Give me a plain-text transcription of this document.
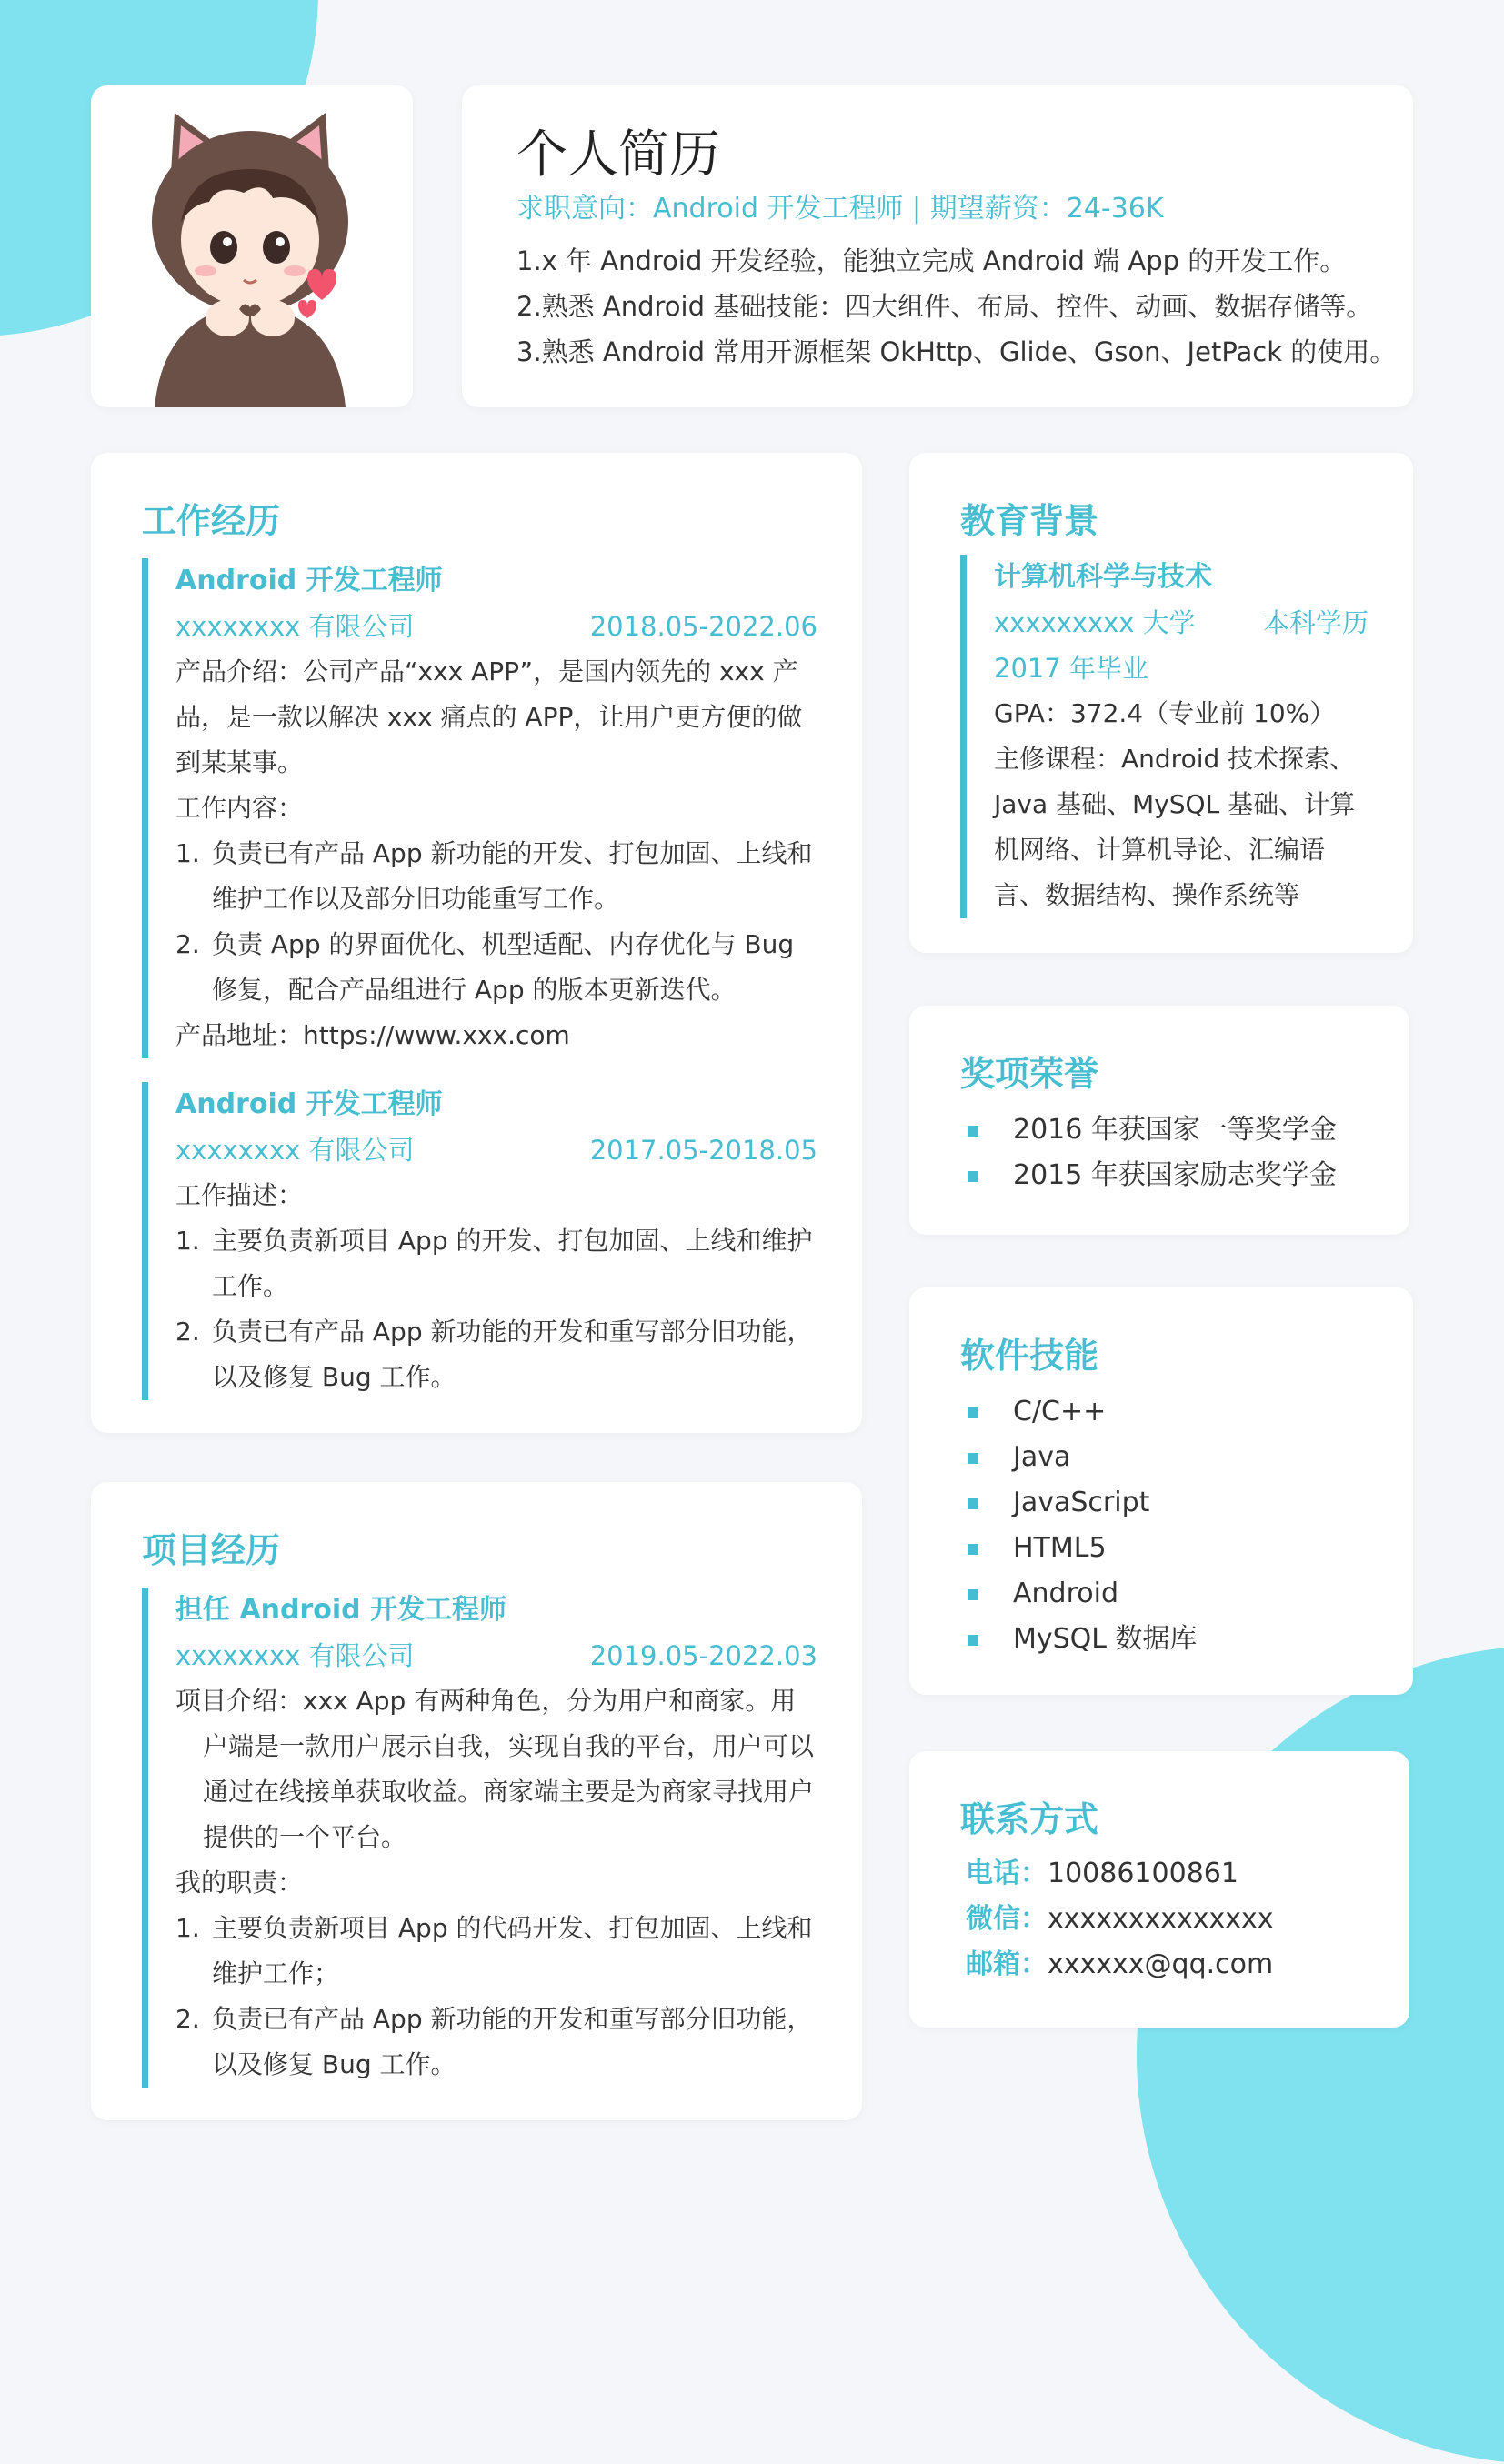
个人简历

求职意向：Android 开发工程师 | 期望薪资：24-36K

1.x 年 Android 开发经验，能独立完成 Android 端 App 的开发工作。
2.熟悉 Android 基础技能：四大组件、布局、控件、动画、数据存储等。
3.熟悉 Android 常用开源框架 OkHttp、Glide、Gson、JetPack 的使用。
工作经历
Android 开发工程师
xxxxxxxx 有限公司	2018.05-2022.06

产品介绍：公司产品“xxx APP”，是国内领先的 xxx 产品，是一款以解决 xxx 痛点的 APP，让用户更方便的做到某某事。

工作内容：

1. 负责已有产品 App 新功能的开发、打包加固、上线和维护工作以及部分旧功能重写工作。
2. 负责 App 的界面优化、机型适配、内存优化与 Bug 修复，配合产品组进行 App 的版本更新迭代。

产品地址：https://www.xxx.com

Android 开发工程师
xxxxxxxx 有限公司	2017.05-2018.05

工作描述：

1. 主要负责新项目 App 的开发、打包加固、上线和维护工作。
2. 负责已有产品 App 新功能的开发和重写部分旧功能，以及修复 Bug 工作。
项目经历
担任 Android 开发工程师
xxxxxxxx 有限公司	2019.05-2022.03

项目介绍：xxx App 有两种角色，分为用户和商家。用户端是一款用户展示自我，实现自我的平台，用户可以通过在线接单获取收益。商家端主要是为商家寻找用户提供的一个平台。

我的职责：

1. 主要负责新项目 App 的代码开发、打包加固、上线和维护工作；
2. 负责已有产品 App 新功能的开发和重写部分旧功能，以及修复 Bug 工作。
教育背景
计算机科学与技术
xxxxxxxxx 大学	本科学历
2017 年毕业

GPA：372.4（专业前 10%）

主修课程：Android 技术探索、Java 基础、MySQL 基础、计算机网络、计算机导论、汇编语言、数据结构、操作系统等

奖项荣誉
2016 年获国家一等奖学金
2015 年获国家励志奖学金
软件技能
C/C++
Java
JavaScript
HTML5
Android
MySQL 数据库
联系方式
电话：10086100861
微信：xxxxxxxxxxxxxx
邮箱：xxxxxx@qq.com
